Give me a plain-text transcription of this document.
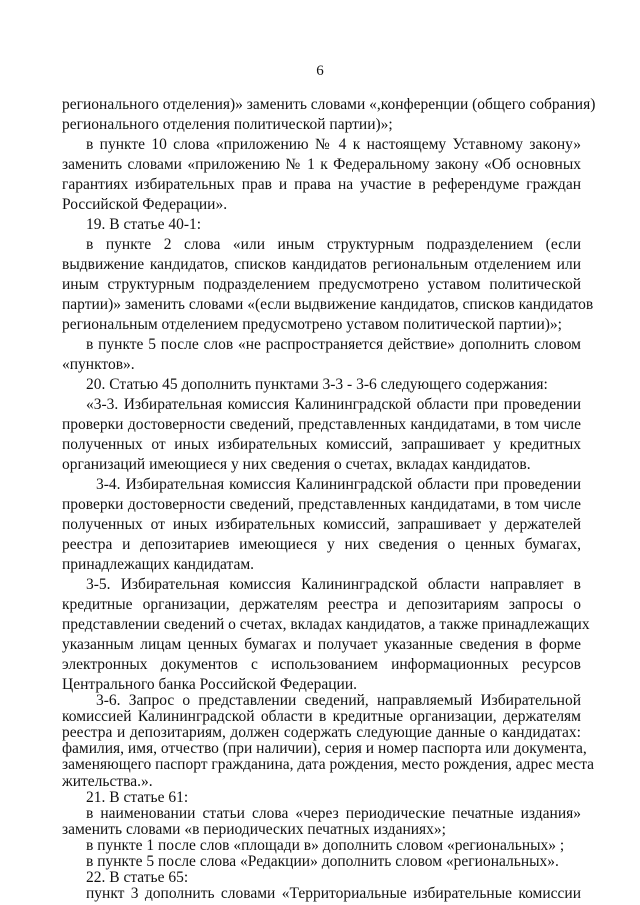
6
регионального отделения)» заменить словами «,конференции (общего собрания)
регионального отделения политической партии)»;
в пункте 10 слова «приложению № 4 к настоящему Уставному закону»
заменить словами «приложению № 1 к Федеральному закону «Об основных
гарантиях избирательных прав и права на участие в референдуме граждан
Российской Федерации».
19. В статье 40-1:
в пункте 2 слова «или иным структурным подразделением (если
выдвижение кандидатов, списков кандидатов региональным отделением или
иным структурным подразделением предусмотрено уставом политической
партии)» заменить словами «(если выдвижение кандидатов, списков кандидатов
региональным отделением предусмотрено уставом политической партии)»;
в пункте 5 после слов «не распространяется действие» дополнить словом
«пунктов».
20. Статью 45 дополнить пунктами 3-3 - 3-6 следующего содержания:
«3-3. Избирательная комиссия Калининградской области при проведении
проверки достоверности сведений, представленных кандидатами, в том числе
полученных от иных избирательных комиссий, запрашивает у кредитных
организаций имеющиеся у них сведения о счетах, вкладах кандидатов.
3-4. Избирательная комиссия Калининградской области при проведении
проверки достоверности сведений, представленных кандидатами, в том числе
полученных от иных избирательных комиссий, запрашивает у держателей
реестра и депозитариев имеющиеся у них сведения о ценных бумагах,
принадлежащих кандидатам.
3-5. Избирательная комиссия Калининградской области направляет в
кредитные организации, держателям реестра и депозитариям запросы о
представлении сведений о счетах, вкладах кандидатов, а также принадлежащих
указанным лицам ценных бумагах и получает указанные сведения в форме
электронных документов с использованием информационных ресурсов
Центрального банка Российской Федерации.
3-6. Запрос о представлении сведений, направляемый Избирательной
комиссией Калининградской области в кредитные организации, держателям
реестра и депозитариям, должен содержать следующие данные о кандидатах:
фамилия, имя, отчество (при наличии), серия и номер паспорта или документа,
заменяющего паспорт гражданина, дата рождения, место рождения, адрес места
жительства.».
21. В статье 61:
в наименовании статьи слова «через периодические печатные издания»
заменить словами «в периодических печатных изданиях»;
в пункте 1 после слов «площади в» дополнить словом «региональных» ;
в пункте 5 после слова «Редакции» дополнить словом «региональных».
22. В статье 65:
пункт 3 дополнить словами «Территориальные избирательные комиссии
